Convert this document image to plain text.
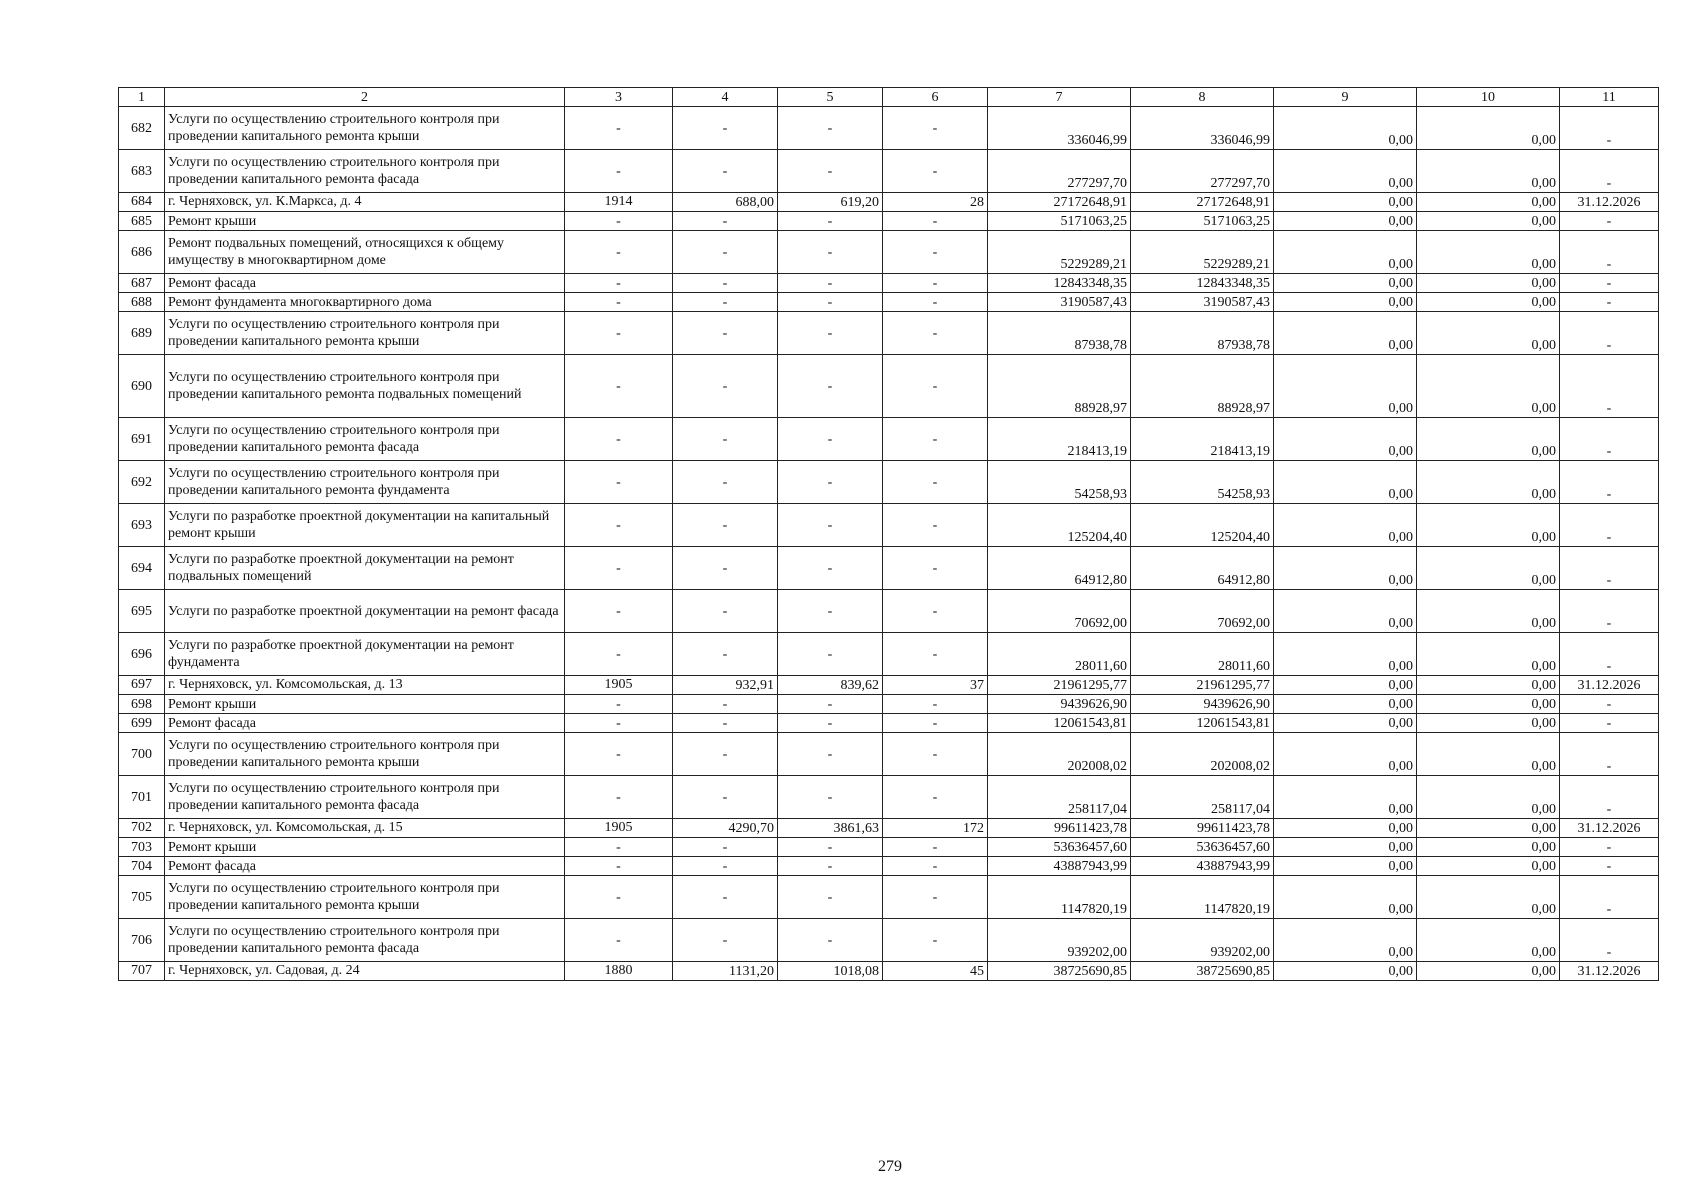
1	2	3	4	5	6	7	8	9	10	11
682	Услуги по осуществлению строительного контроля при проведении капитального ремонта крыши	-	-	-	-	336046,99	336046,99	0,00	0,00	-
683	Услуги по осуществлению строительного контроля при проведении капитального ремонта фасада	-	-	-	-	277297,70	277297,70	0,00	0,00	-
684	г. Черняховск, ул. К.Маркса, д. 4	1914	688,00	619,20	28	27172648,91	27172648,91	0,00	0,00	31.12.2026
685	Ремонт крыши	-	-	-	-	5171063,25	5171063,25	0,00	0,00	-
686	Ремонт подвальных помещений, относящихся к общему имуществу в многоквартирном доме	-	-	-	-	5229289,21	5229289,21	0,00	0,00	-
687	Ремонт фасада	-	-	-	-	12843348,35	12843348,35	0,00	0,00	-
688	Ремонт фундамента многоквартирного дома	-	-	-	-	3190587,43	3190587,43	0,00	0,00	-
689	Услуги по осуществлению строительного контроля при проведении капитального ремонта крыши	-	-	-	-	87938,78	87938,78	0,00	0,00	-
690	Услуги по осуществлению строительного контроля при проведении капитального ремонта подвальных помещений	-	-	-	-	88928,97	88928,97	0,00	0,00	-
691	Услуги по осуществлению строительного контроля при проведении капитального ремонта фасада	-	-	-	-	218413,19	218413,19	0,00	0,00	-
692	Услуги по осуществлению строительного контроля при проведении капитального ремонта фундамента	-	-	-	-	54258,93	54258,93	0,00	0,00	-
693	Услуги по разработке проектной документации на капитальный ремонт крыши	-	-	-	-	125204,40	125204,40	0,00	0,00	-
694	Услуги по разработке проектной документации на ремонт подвальных помещений	-	-	-	-	64912,80	64912,80	0,00	0,00	-
695	Услуги по разработке проектной документации на ремонт фасада	-	-	-	-	70692,00	70692,00	0,00	0,00	-
696	Услуги по разработке проектной документации на ремонт фундамента	-	-	-	-	28011,60	28011,60	0,00	0,00	-
697	г. Черняховск, ул. Комсомольская, д. 13	1905	932,91	839,62	37	21961295,77	21961295,77	0,00	0,00	31.12.2026
698	Ремонт крыши	-	-	-	-	9439626,90	9439626,90	0,00	0,00	-
699	Ремонт фасада	-	-	-	-	12061543,81	12061543,81	0,00	0,00	-
700	Услуги по осуществлению строительного контроля при проведении капитального ремонта крыши	-	-	-	-	202008,02	202008,02	0,00	0,00	-
701	Услуги по осуществлению строительного контроля при проведении капитального ремонта фасада	-	-	-	-	258117,04	258117,04	0,00	0,00	-
702	г. Черняховск, ул. Комсомольская, д. 15	1905	4290,70	3861,63	172	99611423,78	99611423,78	0,00	0,00	31.12.2026
703	Ремонт крыши	-	-	-	-	53636457,60	53636457,60	0,00	0,00	-
704	Ремонт фасада	-	-	-	-	43887943,99	43887943,99	0,00	0,00	-
705	Услуги по осуществлению строительного контроля при проведении капитального ремонта крыши	-	-	-	-	1147820,19	1147820,19	0,00	0,00	-
706	Услуги по осуществлению строительного контроля при проведении капитального ремонта фасада	-	-	-	-	939202,00	939202,00	0,00	0,00	-
707	г. Черняховск, ул. Садовая, д. 24	1880	1131,20	1018,08	45	38725690,85	38725690,85	0,00	0,00	31.12.2026
279
